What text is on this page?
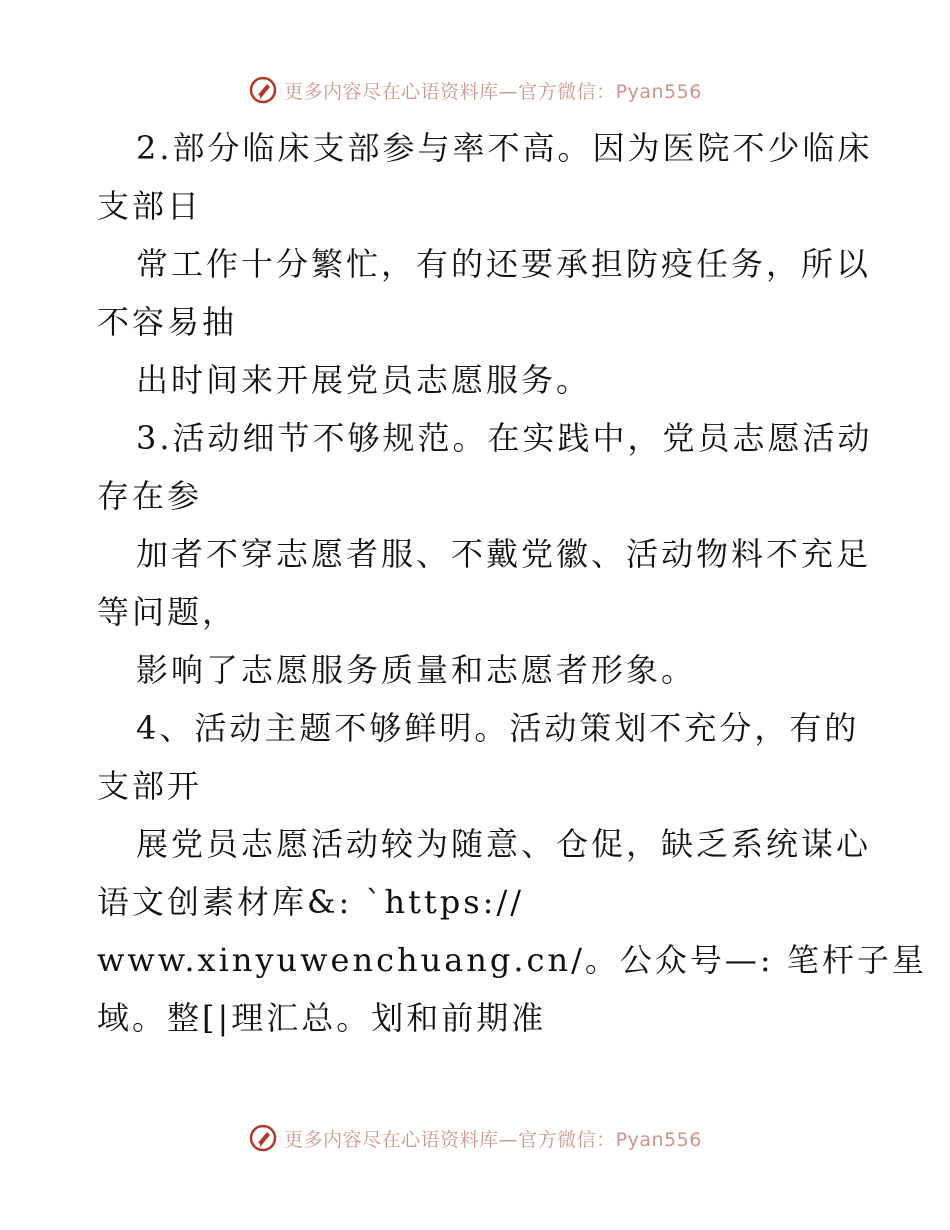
更多内容尽在心语资料库—官方微信：Pyan556
2.部分临床支部参与率不高。因为医院不少临床
支部日
常工作十分繁忙，有的还要承担防疫任务，所以
不容易抽
出时间来开展党员志愿服务。
3.活动细节不够规范。在实践中，党员志愿活动
存在参
加者不穿志愿者服、不戴党徽、活动物料不充足
等问题，
影响了志愿服务质量和志愿者形象。
4、活动主题不够鲜明。活动策划不充分，有的
支部开
展党员志愿活动较为随意、仓促，缺乏系统谋心
语文创素材库&: `https://
www.xinyuwenchuang.cn/。公众号—: 笔杆子星
域。整[|理汇总。划和前期准
更多内容尽在心语资料库—官方微信：Pyan556
